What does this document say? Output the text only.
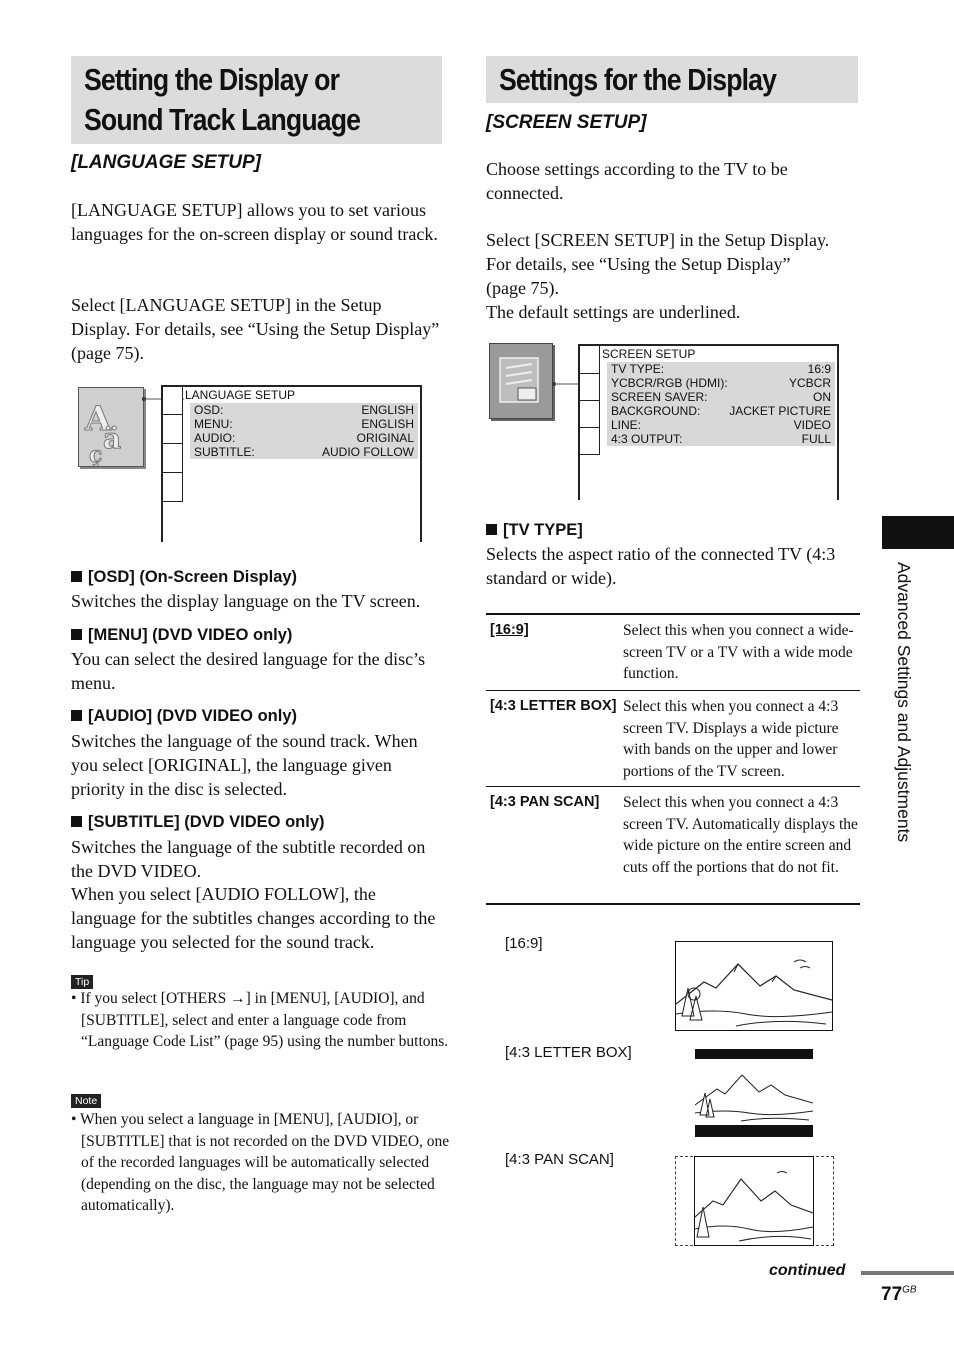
Setting the Display or
Sound Track Language
[LANGUAGE SETUP]
[LANGUAGE SETUP] allows you to set various languages for the on-screen display or sound track.
Select [LANGUAGE SETUP] in the Setup Display. For details, see “Using the Setup Display” (page 75).
A
ä
ç
LANGUAGE SETUP
OSD:	ENGLISH
MENU:	ENGLISH
AUDIO:	ORIGINAL
SUBTITLE:	AUDIO FOLLOW
[OSD] (On-Screen Display)
Switches the display language on the TV screen.
[MENU] (DVD VIDEO only)
You can select the desired language for the disc’s menu.
[AUDIO] (DVD VIDEO only)
Switches the language of the sound track. When you select [ORIGINAL], the language given priority in the disc is selected.
[SUBTITLE] (DVD VIDEO only)
Switches the language of the subtitle recorded on the DVD VIDEO.
When you select [AUDIO FOLLOW], the language for the subtitles changes according to the language you selected for the sound track.
Tip
• If you select [OTHERS →] in [MENU], [AUDIO], and [SUBTITLE], select and enter a language code from “Language Code List” (page 95) using the number buttons.
Note
• When you select a language in [MENU], [AUDIO], or [SUBTITLE] that is not recorded on the DVD VIDEO, one of the recorded languages will be automatically selected (depending on the disc, the language may not be selected automatically).
Settings for the Display
[SCREEN SETUP]
Choose settings according to the TV to be connected.
Select [SCREEN SETUP] in the Setup Display.
For details, see “Using the Setup Display” (page 75).
The default settings are underlined.
SCREEN SETUP
TV TYPE:	16:9
YCBCR/RGB (HDMI):	YCBCR
SCREEN SAVER:	ON
BACKGROUND: JACKET PICTURE
LINE:	VIDEO
4:3 OUTPUT:	FULL
[TV TYPE]
Selects the aspect ratio of the connected TV (4:3 standard or wide).
[16:9]	Select this when you connect a wide-screen TV or a TV with a wide mode function.
[4:3 LETTER BOX] Select this when you connect a 4:3 screen TV. Displays a wide picture with bands on the upper and lower portions of the TV screen.
[4:3 PAN SCAN]	Select this when you connect a 4:3 screen TV. Automatically displays the wide picture on the entire screen and cuts off the portions that do not fit.
[16:9]
[4:3 LETTER BOX]
[4:3 PAN SCAN]
Advanced Settings and Adjustments
continued
$77^{GB}$
